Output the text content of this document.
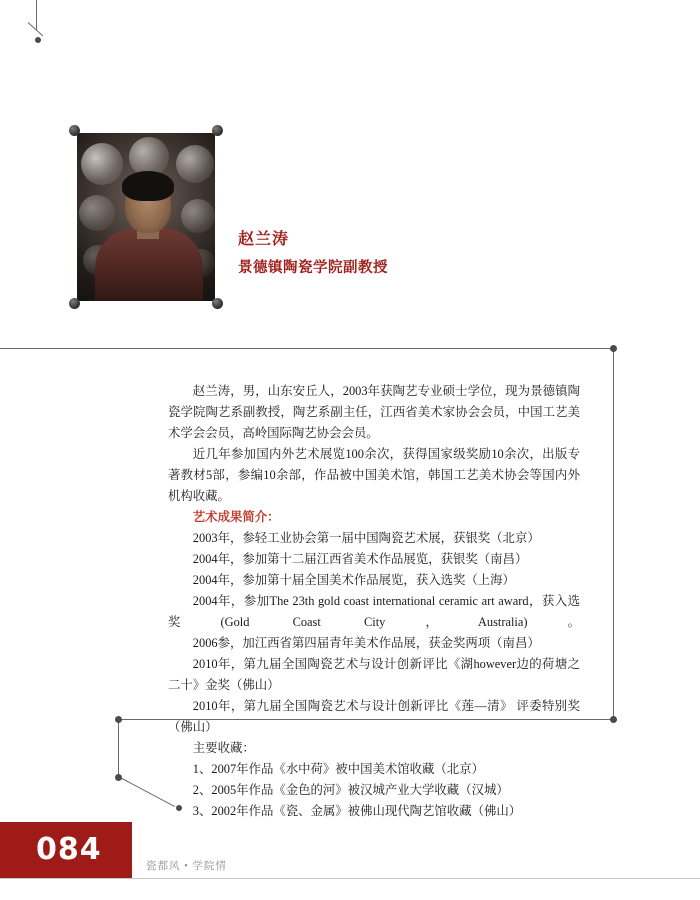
赵兰涛
景德镇陶瓷学院副教授

赵兰涛，男，山东安丘人，2003年获陶艺专业硕士学位，现为景德镇陶瓷学院陶艺系副教授，陶艺系副主任，江西省美术家协会会员，中国工艺美术学会会员，高岭国际陶艺协会会员。

近几年参加国内外艺术展览100余次，获得国家级奖励10余次，出版专著教材5部，参编10余部，作品被中国美术馆，韩国工艺美术协会等国内外机构收藏。

艺术成果简介：

2003年，参轻工业协会第一届中国陶瓷艺术展，获银奖（北京）

2004年，参加第十二届江西省美术作品展览，获银奖（南昌）

2004年，参加第十届全国美术作品展览，获入选奖（上海）

2004年，参加The 23th gold coast international ceramic art award，获入选奖(Gold Coast City，Australia)。

2006参，加江西省第四届青年美术作品展，获金奖两项（南昌）

2010年，第九届全国陶瓷艺术与设计创新评比《湖however边的荷塘之二十》金奖（佛山）

2010年，第九届全国陶瓷艺术与设计创新评比《莲—清》 评委特别奖（佛山）

主要收藏：

1、2007年作品《水中荷》被中国美术馆收藏（北京）

2、2005年作品《金色的河》被汉城产业大学收藏（汉城）

3、2002年作品《瓷、金属》被佛山现代陶艺馆收藏（佛山）

084	瓷都风 • 学院情
